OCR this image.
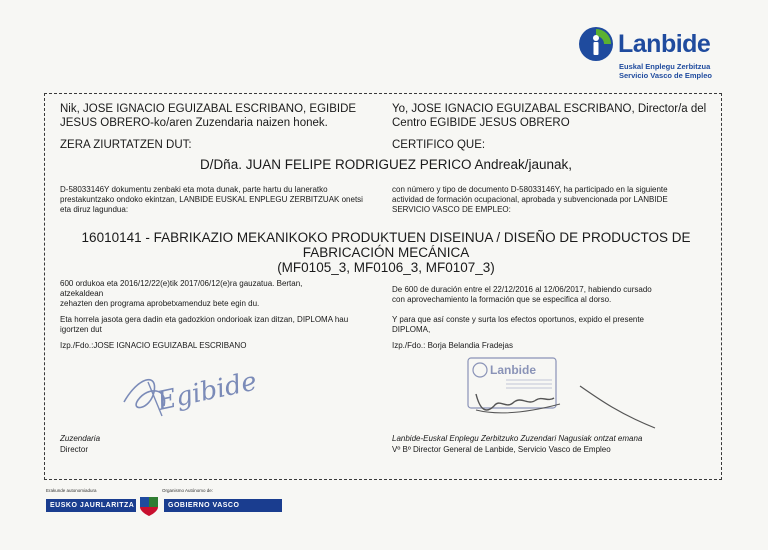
Lanbide
Euskal Enplegu Zerbitzua
Servicio Vasco de Empleo
Nik, JOSE IGNACIO EGUIZABAL ESCRIBANO, EGIBIDE JESUS OBRERO-ko/aren Zuzendaria naizen honek.
Yo, JOSE IGNACIO EGUIZABAL ESCRIBANO, Director/a del Centro EGIBIDE JESUS OBRERO
ZERA ZIURTATZEN DUT:	CERTIFICO QUE:
D/Dña. JUAN FELIPE RODRIGUEZ PERICO Andreak/jaunak,
D-58033146Y dokumentu zenbaki eta mota dunak, parte hartu du laneratko prestakuntzako ondoko ekintzan, LANBIDE EUSKAL ENPLEGU ZERBITZUAK onetsi eta diruz lagundua:
con número y tipo de documento D-58033146Y, ha participado en la siguiente actividad de formación ocupacional, aprobada y subvencionada por LANBIDE SERVICIO VASCO DE EMPLEO:
16010141 - FABRIKAZIO MEKANIKOKO PRODUKTUEN DISEINUA / DISEÑO DE PRODUCTOS DE
FABRICACIÓN MECÁNICA
(MF0105_3, MF0106_3, MF0107_3)
600 ordukoa eta 2016/12/22(e)tik 2017/06/12(e)ra gauzatua. Bertan,
atzekaldean
zehazten den programa aprobetxamenduz bete egin du.
De 600 de duración entre el 22/12/2016 al 12/06/2017, habiendo cursado
con aprovechamiento la formación que se especifica al dorso.
Eta horrela jasota gera dadin eta gadozkion ondorioak izan ditzan, DIPLOMA hau igortzen dut
Y para que así conste y surta los efectos oportunos, expido el presente DIPLOMA,
Izp./Fdo.:JOSE IGNACIO EGUIZABAL ESCRIBANO	Izp./Fdo.: Borja Belandia Fradejas
Egibide	Lanbide
Zuzendaria
Director
Lanbide-Euskal Enplegu Zerbitzuko Zuzendari Nagusiak ontzat emana
Vº Bº Director General de Lanbide, Servicio Vasco de Empleo
Erakunde autonomiadura	Organismo Autónomo de:
EUSKO JAURLARITZA	GOBIERNO VASCO
